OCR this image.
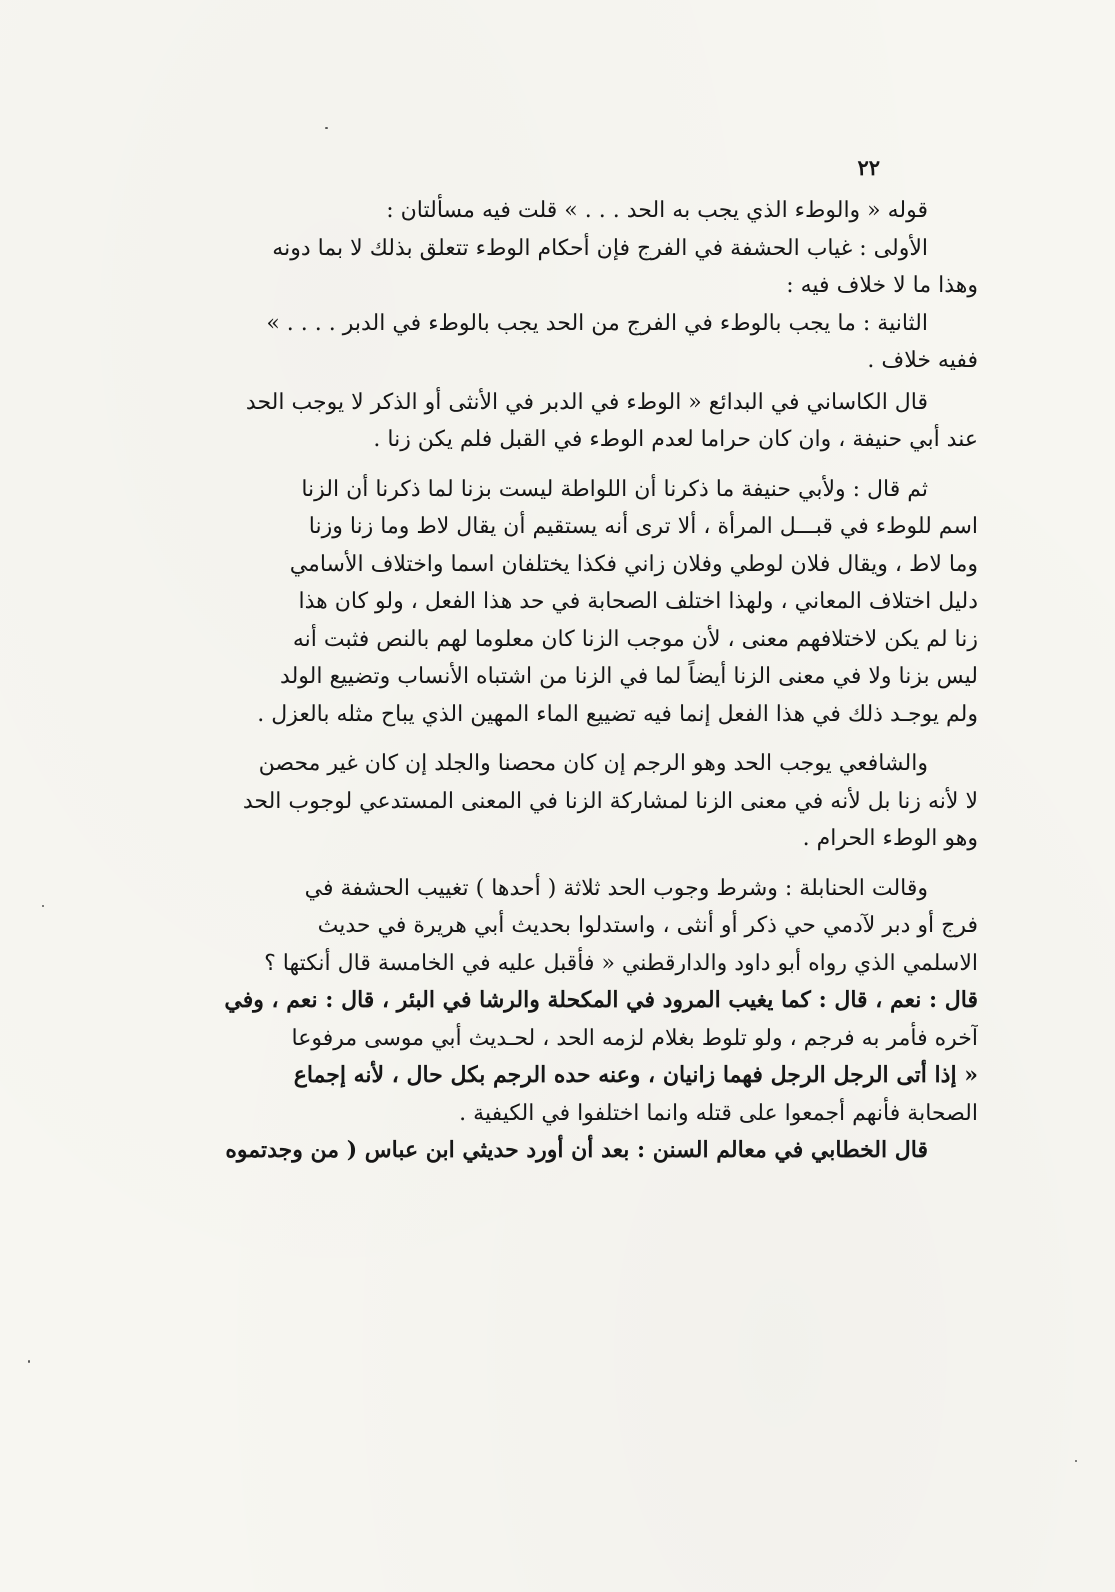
٢٢

قوله « والوطء الذي يجب به الحد . . . » قلت فيه مسألتان :

الأولى : غياب الحشفة في الفرج فإن أحكام الوطء تتعلق بذلك لا بما دونه
وهذا ما لا خلاف فيه :

الثانية : ما يجب بالوطء في الفرج من الحد يجب بالوطء في الدبر . . . . »
ففيه خلاف .

قال الكاساني في البدائع « الوطء في الدبر في الأنثى أو الذكر لا يوجب الحد
عند أبي حنيفة ، وان كان حراما لعدم الوطء في القبل فلم يكن زنا .

ثم قال : ولأبي حنيفة ما ذكرنا أن اللواطة ليست بزنا لما ذكرنا أن الزنا
اسم للوطء في قبـــل المرأة ، ألا ترى أنه يستقيم أن يقال لاط وما زنا وزنا
وما لاط ، ويقال فلان لوطي وفلان زاني فكذا يختلفان اسما واختلاف الأسامي
دليل اختلاف المعاني ، ولهذا اختلف الصحابة في حد هذا الفعل ، ولو كان هذا
زنا لم يكن لاختلافهم معنى ، لأن موجب الزنا كان معلوما لهم بالنص فثبت أنه
ليس بزنا ولا في معنى الزنا أيضاً لما في الزنا من اشتباه الأنساب وتضييع الولد
ولم يوجـد ذلك في هذا الفعل إنما فيه تضييع الماء المهين الذي يباح مثله بالعزل .

والشافعي يوجب الحد وهو الرجم إن كان محصنا والجلد إن كان غير محصن
لا لأنه زنا بل لأنه في معنى الزنا لمشاركة الزنا في المعنى المستدعي لوجوب الحد
وهو الوطء الحرام .

وقالت الحنابلة : وشرط وجوب الحد ثلاثة ( أحدها ) تغييب الحشفة في
فرج أو دبر لآدمي حي ذكر أو أنثى ، واستدلوا بحديث أبي هريرة في حديث
الاسلمي الذي رواه أبو داود والدارقطني « فأقبل عليه في الخامسة قال أنكتها ؟
قال : نعم ، قال : كما يغيب المرود في المكحلة والرشا في البئر ، قال : نعم ، وفي
آخره فأمر به فرجم ، ولو تلوط بغلام لزمه الحد ، لحـديث أبي موسى مرفوعا
« إذا أتى الرجل الرجل فهما زانيان ، وعنه حده الرجم بكل حال ، لأنه إجماع
الصحابة فأنهم أجمعوا على قتله وانما اختلفوا في الكيفية .

قال الخطابي في معالم السنن : بعد أن أورد حديثي ابن عباس ( من وجدتموه
